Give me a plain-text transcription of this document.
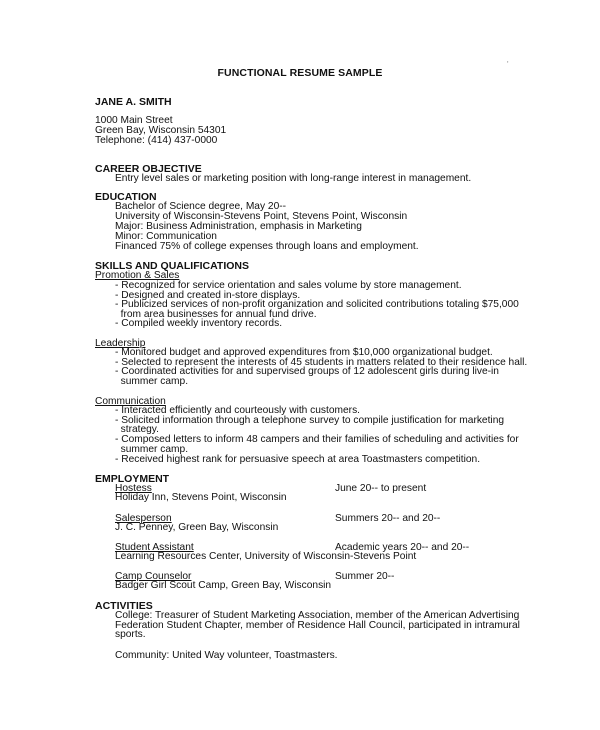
FUNCTIONAL RESUME SAMPLE
'
JANE A. SMITH
1000 Main Street
Green Bay, Wisconsin 54301
Telephone: (414) 437-0000
CAREER OBJECTIVE
Entry level sales or marketing position with long-range interest in management.
EDUCATION
Bachelor of Science degree, May 20--
University of Wisconsin-Stevens Point, Stevens Point, Wisconsin
Major: Business Administration, emphasis in Marketing
Minor: Communication
Financed 75% of college expenses through loans and employment.
SKILLS AND QUALIFICATIONS
Promotion & Sales
- Recognized for service orientation and sales volume by store management.
- Designed and created in-store displays.
- Publicized services of non-profit organization and solicited contributions totaling $75,000
from area businesses for annual fund drive.
- Compiled weekly inventory records.
Leadership
- Monitored budget and approved expenditures from $10,000 organizational budget.
- Selected to represent the interests of 45 students in matters related to their residence hall.
- Coordinated activities for and supervised groups of 12 adolescent girls during live-in
summer camp.
Communication
- Interacted efficiently and courteously with customers.
- Solicited information through a telephone survey to compile justification for marketing
strategy.
- Composed letters to inform 48 campers and their families of scheduling and activities for
summer camp.
- Received highest rank for persuasive speech at area Toastmasters competition.
EMPLOYMENT
Hostess	June 20-- to present
Holiday Inn, Stevens Point, Wisconsin
Salesperson	Summers 20-- and 20--
J. C. Penney, Green Bay, Wisconsin
Student Assistant	Academic years 20-- and 20--
Learning Resources Center, University of Wisconsin-Stevens Point
Camp Counselor	Summer 20--
Badger Girl Scout Camp, Green Bay, Wisconsin
ACTIVITIES
College: Treasurer of Student Marketing Association, member of the American Advertising
Federation Student Chapter, member of Residence Hall Council, participated in intramural
sports.
Community: United Way volunteer, Toastmasters.
